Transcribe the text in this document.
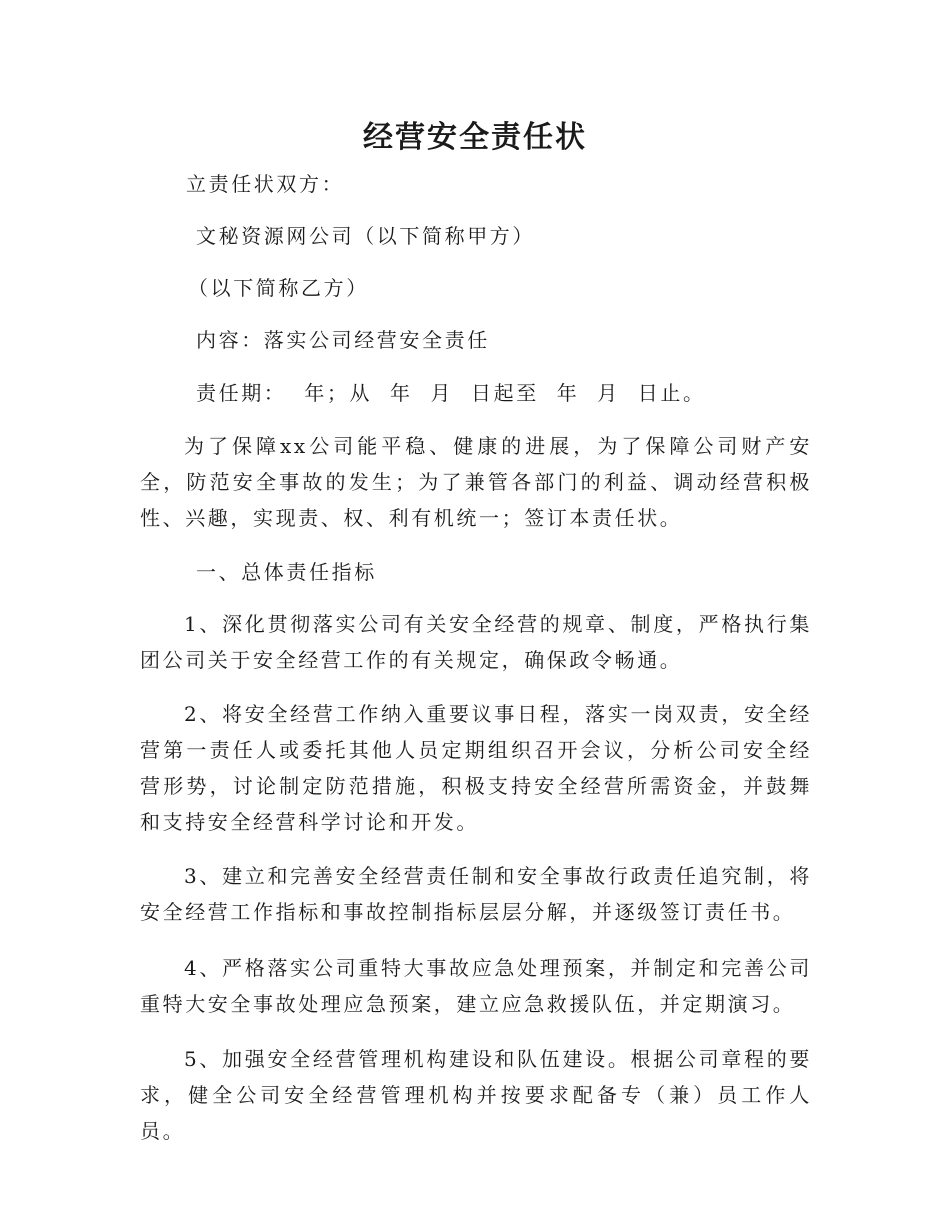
经营安全责任状

立责任状双方：

文秘资源网公司（以下简称甲方）

（以下简称乙方）

内容：落实公司经营安全责任

责任期：  年；从  年  月  日起至  年  月  日止。

为了保障xx公司能平稳、健康的进展，为了保障公司财产安全，防范安全事故的发生；为了兼管各部门的利益、调动经营积极性、兴趣，实现责、权、利有机统一；签订本责任状。

一、总体责任指标

1、深化贯彻落实公司有关安全经营的规章、制度，严格执行集团公司关于安全经营工作的有关规定，确保政令畅通。

2、将安全经营工作纳入重要议事日程，落实一岗双责，安全经营第一责任人或委托其他人员定期组织召开会议，分析公司安全经营形势，讨论制定防范措施，积极支持安全经营所需资金，并鼓舞和支持安全经营科学讨论和开发。

3、建立和完善安全经营责任制和安全事故行政责任追究制，将安全经营工作指标和事故控制指标层层分解，并逐级签订责任书。

4、严格落实公司重特大事故应急处理预案，并制定和完善公司重特大安全事故处理应急预案，建立应急救援队伍，并定期演习。

5、加强安全经营管理机构建设和队伍建设。根据公司章程的要求，健全公司安全经营管理机构并按要求配备专（兼）员工作人员。
